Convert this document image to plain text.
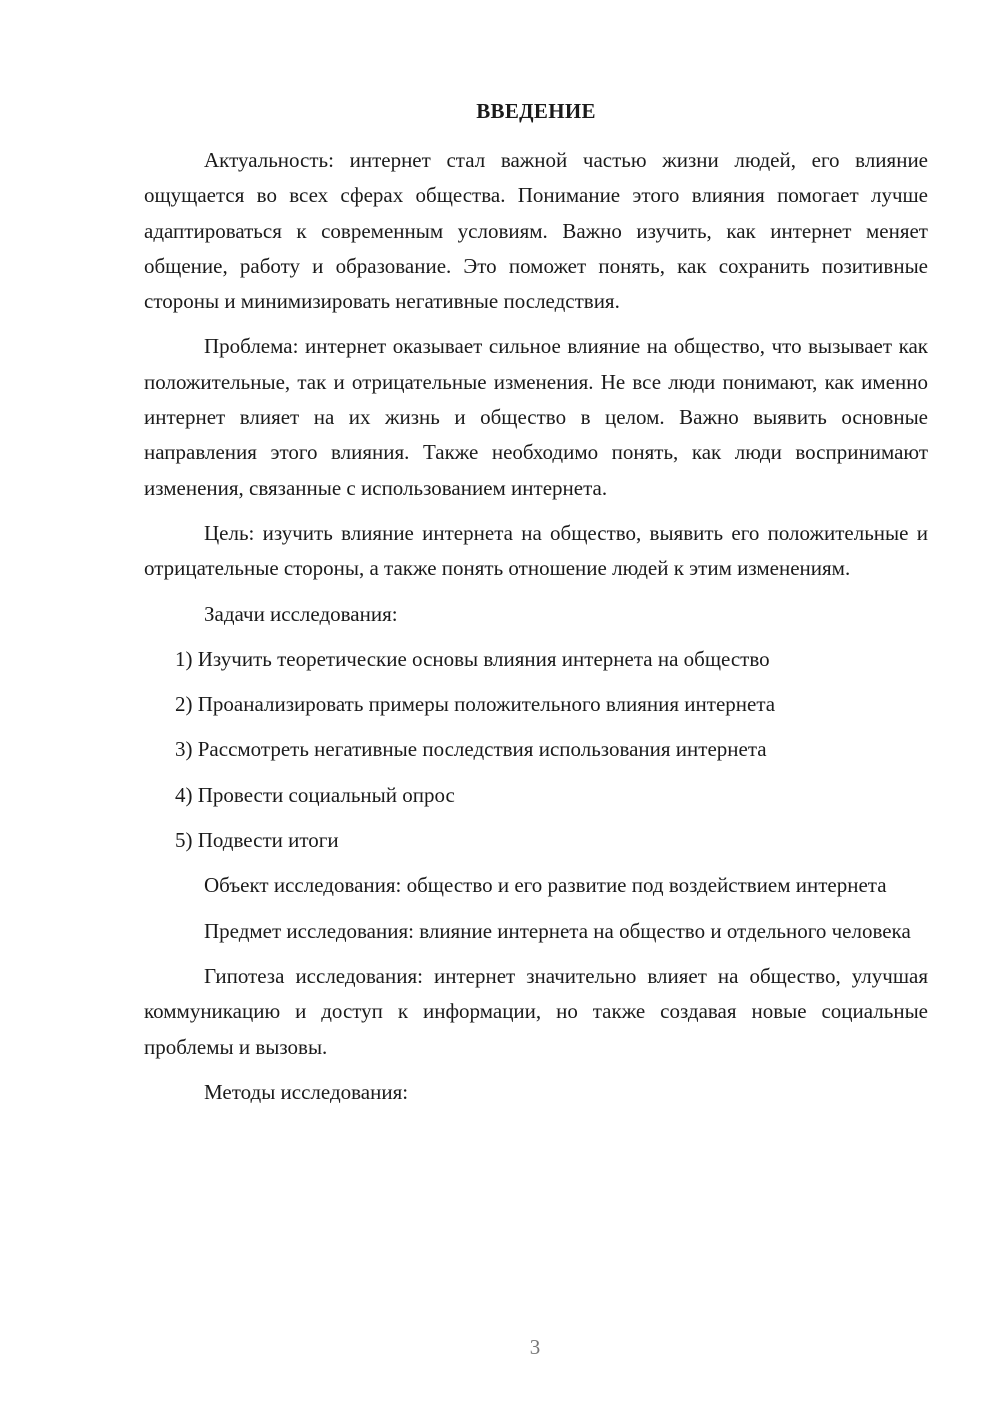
ВВЕДЕНИЕ

Актуальность: интернет стал важной частью жизни людей, его влияние ощущается во всех сферах общества. Понимание этого влияния помогает лучше адаптироваться к современным условиям. Важно изучить, как интернет меняет общение, работу и образование. Это поможет понять, как сохранить позитивные стороны и минимизировать негативные последствия.

Проблема: интернет оказывает сильное влияние на общество, что вызывает как положительные, так и отрицательные изменения. Не все люди понимают, как именно интернет влияет на их жизнь и общество в целом. Важно выявить основные направления этого влияния. Также необходимо понять, как люди воспринимают изменения, связанные с использованием интернета.

Цель: изучить влияние интернета на общество, выявить его положительные и отрицательные стороны, а также понять отношение людей к этим изменениям.

Задачи исследования:

1) Изучить теоретические основы влияния интернета на общество
2) Проанализировать примеры положительного влияния интернета
3) Рассмотреть негативные последствия использования интернета
4) Провести социальный опрос
5) Подвести итоги

Объект исследования: общество и его развитие под воздействием интернета

Предмет исследования: влияние интернета на общество и отдельного человека

Гипотеза исследования: интернет значительно влияет на общество, улучшая коммуникацию и доступ к информации, но также создавая новые социальные проблемы и вызовы.

Методы исследования:

3
